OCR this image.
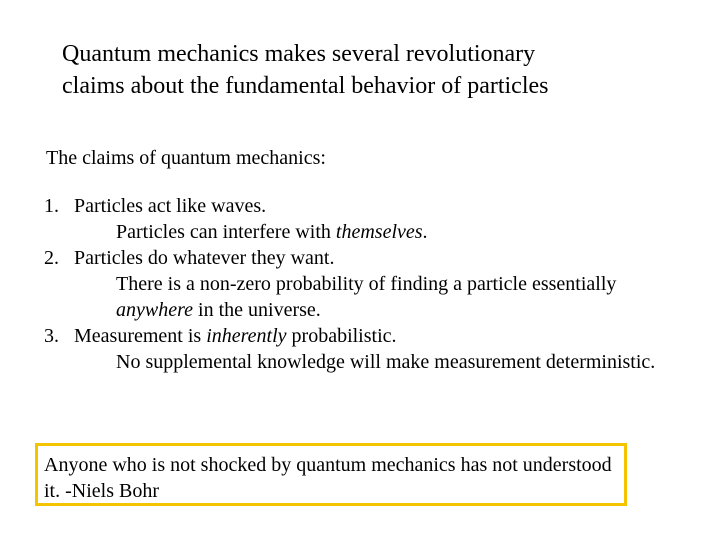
Quantum mechanics makes several revolutionary
claims about the fundamental behavior of particles
The claims of quantum mechanics:
1. Particles act like waves.
Particles can interfere with themselves.
2. Particles do whatever they want.
There is a non-zero probability of finding a particle essentially anywhere in the universe.
3. Measurement is inherently probabilistic.
No supplemental knowledge will make measurement deterministic.
Anyone who is not shocked by quantum mechanics has not understood it. -Niels Bohr
